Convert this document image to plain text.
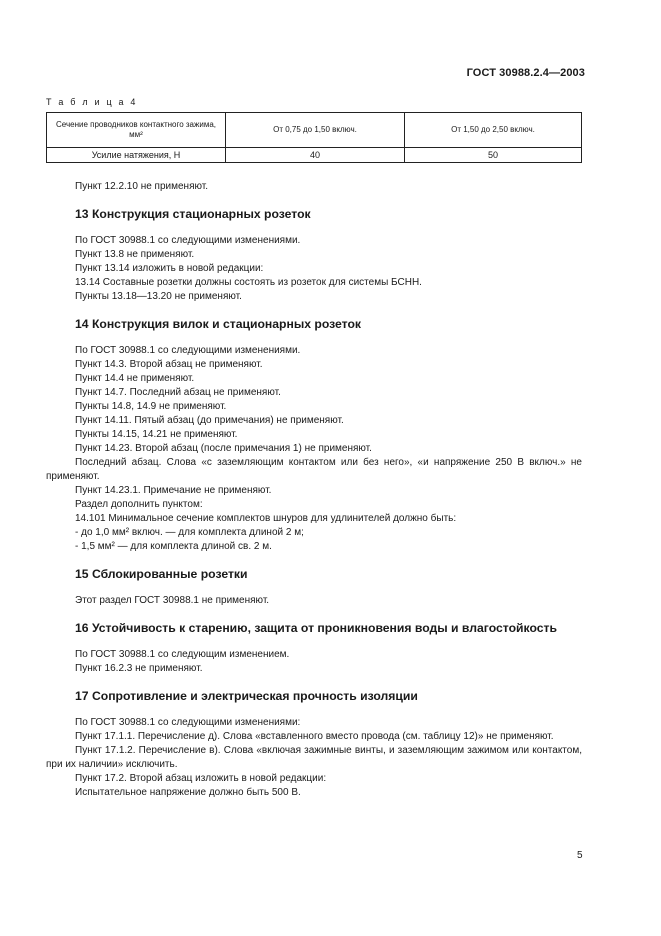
ГОСТ 30988.2.4—2003
Т а б л и ц а 4
Сечение проводников контактного зажима, мм²	От 0,75 до 1,50 включ.	От 1,50 до 2,50 включ.
Усилие натяжения, Н	40	50
Пункт 12.2.10 не применяют.
13 Конструкция стационарных розеток
По ГОСТ 30988.1 со следующими изменениями.
Пункт 13.8 не применяют.
Пункт 13.14 изложить в новой редакции:
13.14 Составные розетки должны состоять из розеток для системы БСНН.
Пункты 13.18—13.20 не применяют.
14 Конструкция вилок и стационарных розеток
По ГОСТ 30988.1 со следующими изменениями.
Пункт 14.3. Второй абзац не применяют.
Пункт 14.4 не применяют.
Пункт 14.7. Последний абзац не применяют.
Пункты 14.8, 14.9 не применяют.
Пункт 14.11. Пятый абзац (до примечания) не применяют.
Пункты 14.15, 14.21 не применяют.
Пункт 14.23. Второй абзац (после примечания 1) не применяют.
Последний абзац. Слова «с заземляющим контактом или без него», «и напряжение 250 В включ.» не применяют.
Пункт 14.23.1. Примечание не применяют.
Раздел дополнить пунктом:
14.101 Минимальное сечение комплектов шнуров для удлинителей должно быть:
- до 1,0 мм² включ. — для комплекта длиной 2 м;
- 1,5 мм² — для комплекта длиной св. 2 м.
15 Сблокированные розетки
Этот раздел ГОСТ 30988.1 не применяют.
16 Устойчивость к старению, защита от проникновения воды и влагостойкость
По ГОСТ 30988.1 со следующим изменением.
Пункт 16.2.3 не применяют.
17 Сопротивление и электрическая прочность изоляции
По ГОСТ 30988.1 со следующими изменениями:
Пункт 17.1.1. Перечисление д). Слова «вставленного вместо провода (см. таблицу 12)» не применяют.
Пункт 17.1.2. Перечисление в). Слова «включая зажимные винты, и заземляющим зажимом или контактом, при их наличии» исключить.
Пункт 17.2. Второй абзац изложить в новой редакции:
Испытательное напряжение должно быть 500 В.
5
